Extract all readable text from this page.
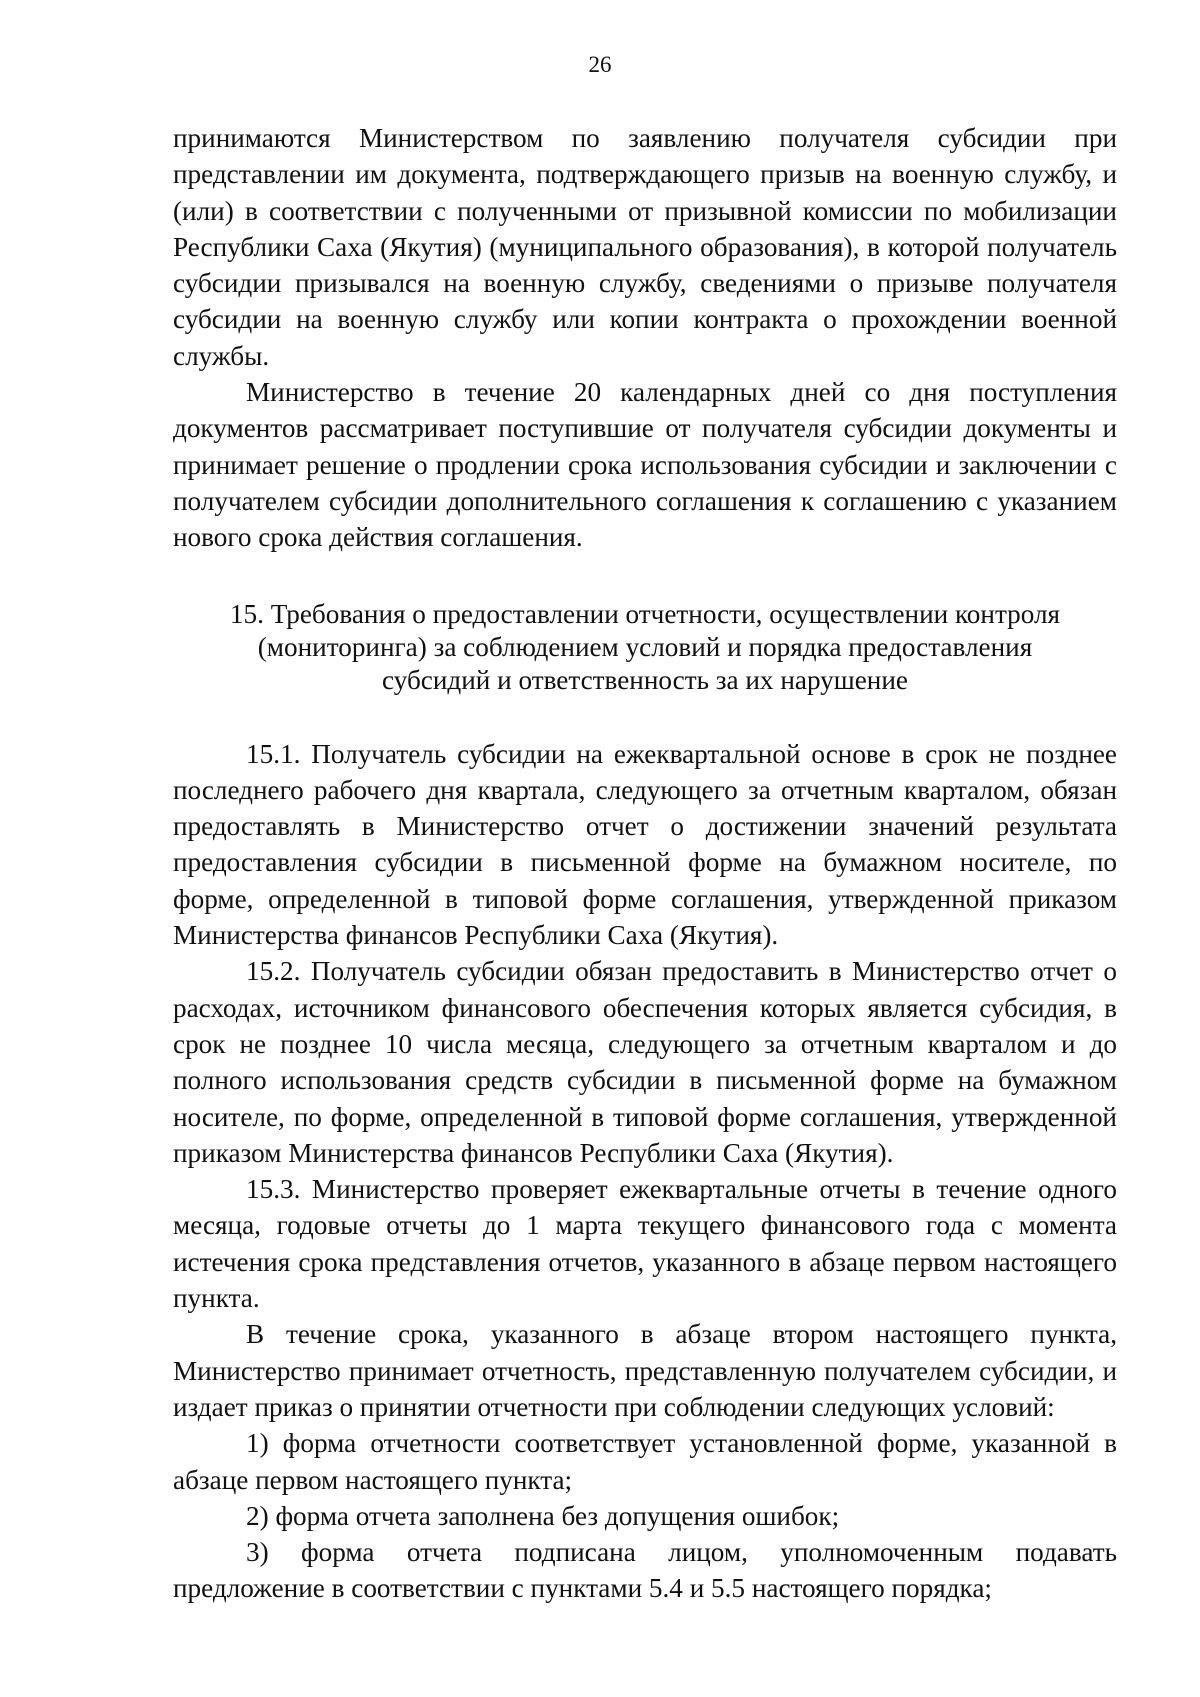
26

принимаются Министерством по заявлению получателя субсидии при представлении им документа, подтверждающего призыв на военную службу, и (или) в соответствии с полученными от призывной комиссии по мобилизации Республики Саха (Якутия) (муниципального образования), в которой получатель субсидии призывался на военную службу, сведениями о призыве получателя субсидии на военную службу или копии контракта о прохождении военной службы.

Министерство в течение 20 календарных дней со дня поступления документов рассматривает поступившие от получателя субсидии документы и принимает решение о продлении срока использования субсидии и заключении с получателем субсидии дополнительного соглашения к соглашению с указанием нового срока действия соглашения.

15. Требования о предоставлении отчетности, осуществлении контроля
(мониторинга) за соблюдением условий и порядка предоставления
субсидий и ответственность за их нарушение

15.1. Получатель субсидии на ежеквартальной основе в срок не позднее последнего рабочего дня квартала, следующего за отчетным кварталом, обязан предоставлять в Министерство отчет о достижении значений результата предоставления субсидии в письменной форме на бумажном носителе, по форме, определенной в типовой форме соглашения, утвержденной приказом Министерства финансов Республики Саха (Якутия).

15.2. Получатель субсидии обязан предоставить в Министерство отчет о расходах, источником финансового обеспечения которых является субсидия, в срок не позднее 10 числа месяца, следующего за отчетным кварталом и до полного использования средств субсидии в письменной форме на бумажном носителе, по форме, определенной в типовой форме соглашения, утвержденной приказом Министерства финансов Республики Саха (Якутия).

15.3. Министерство проверяет ежеквартальные отчеты в течение одного месяца, годовые отчеты до 1 марта текущего финансового года с момента истечения срока представления отчетов, указанного в абзаце первом настоящего пункта.

В течение срока, указанного в абзаце втором настоящего пункта, Министерство принимает отчетность, представленную получателем субсидии, и издает приказ о принятии отчетности при соблюдении следующих условий:

1) форма отчетности соответствует установленной форме, указанной в абзаце первом настоящего пункта;

2) форма отчета заполнена без допущения ошибок;

3) форма отчета подписана лицом, уполномоченным подавать предложение в соответствии с пунктами 5.4 и 5.5 настоящего порядка;
